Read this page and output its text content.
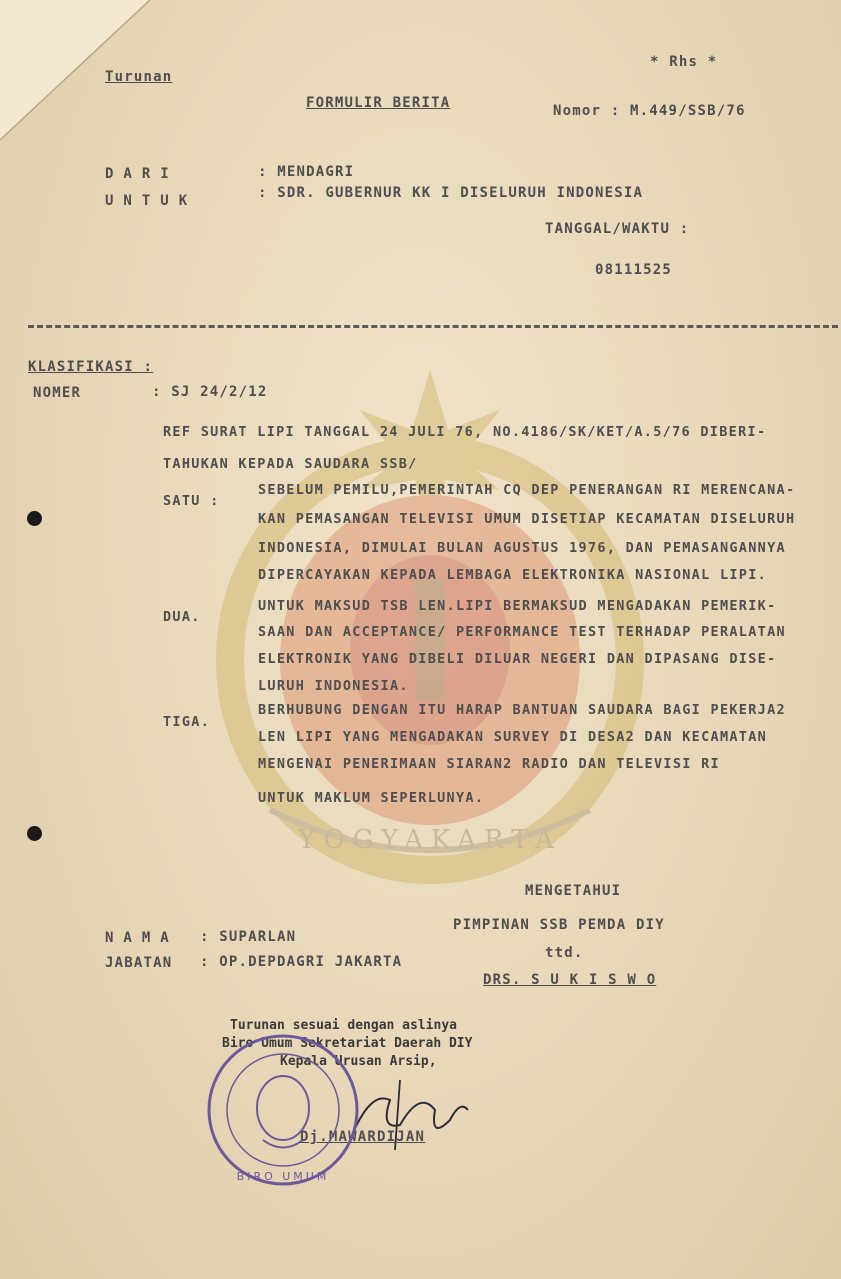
YOGYAKARTA
Turunan
* Rhs *
FORMULIR BERITA	Nomor : M.449/SSB/76
DARI	: MENDAGRI
UNTUK	: SDR. GUBERNUR KK I DISELURUH INDONESIA
TANGGAL/WAKTU :
08111525
KLASIFIKASI :
NOMER	: SJ 24/2/12
REF SURAT LIPI TANGGAL 24 JULI 76, NO.4186/SK/KET/A.5/76 DIBERI-
TAHUKAN KEPADA SAUDARA SSB/
SATU :
SEBELUM PEMILU,PEMERINTAH CQ DEP PENERANGAN RI MERENCANA-
KAN PEMASANGAN TELEVISI UMUM DISETIAP KECAMATAN DISELURUH
INDONESIA, DIMULAI BULAN AGUSTUS 1976, DAN PEMASANGANNYA
DIPERCAYAKAN KEPADA LEMBAGA ELEKTRONIKA NASIONAL LIPI.
DUA.
UNTUK MAKSUD TSB LEN.LIPI BERMAKSUD MENGADAKAN PEMERIK-
SAAN DAN ACCEPTANCE/ PERFORMANCE TEST TERHADAP PERALATAN
ELEKTRONIK YANG DIBELI DILUAR NEGERI DAN DIPASANG DISE-
LURUH INDONESIA.
TIGA.
BERHUBUNG DENGAN ITU HARAP BANTUAN SAUDARA BAGI PEKERJA2
LEN LIPI YANG MENGADAKAN SURVEY DI DESA2 DAN KECAMATAN
MENGENAI PENERIMAAN SIARAN2 RADIO DAN TELEVISI RI
UNTUK MAKLUM SEPERLUNYA.
MENGETAHUI
PIMPINAN SSB PEMDA DIY
ttd.
DRS. S U K I S W O
NAMA : SUPARLAN
JABATAN : OP.DEPDAGRI JAKARTA
Turunan sesuai dengan aslinya
Biro Umum Sekretariat Daerah DIY
Kepala Urusan Arsip,
Dj.MAWARDIJAN
BIRO UMUM
